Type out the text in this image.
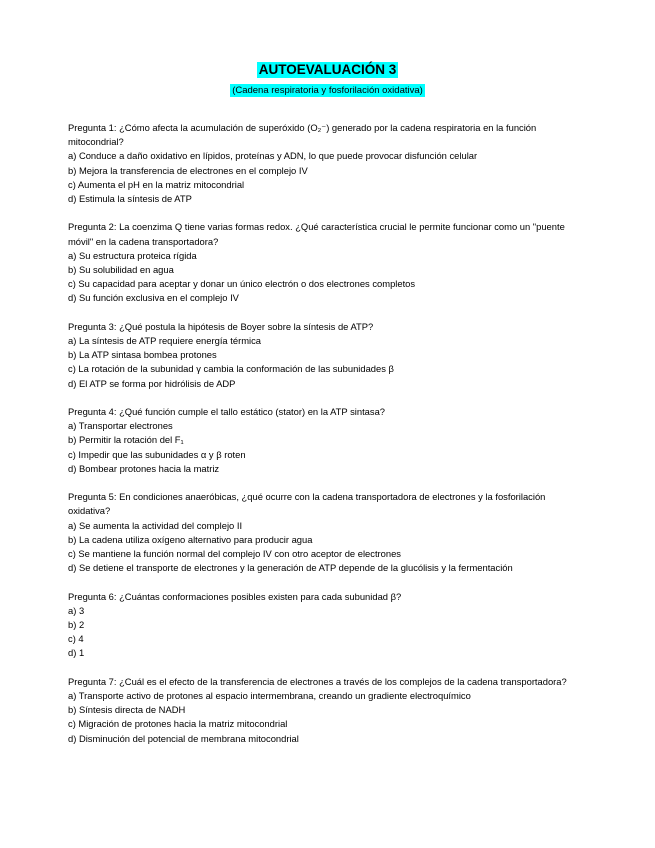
AUTOEVALUACIÓN 3
(Cadena respiratoria y fosforilación oxidativa)

Pregunta 1: ¿Cómo afecta la acumulación de superóxido (O₂⁻) generado por la cadena respiratoria en la función mitocondrial?

a) Conduce a daño oxidativo en lípidos, proteínas y ADN, lo que puede provocar disfunción celular

b) Mejora la transferencia de electrones en el complejo IV

c) Aumenta el pH en la matriz mitocondrial

d) Estimula la síntesis de ATP

Pregunta 2: La coenzima Q tiene varias formas redox. ¿Qué característica crucial le permite funcionar como un "puente móvil" en la cadena transportadora?

a) Su estructura proteica rígida

b) Su solubilidad en agua

c) Su capacidad para aceptar y donar un único electrón o dos electrones completos

d) Su función exclusiva en el complejo IV

Pregunta 3: ¿Qué postula la hipótesis de Boyer sobre la síntesis de ATP?

a) La síntesis de ATP requiere energía térmica

b) La ATP sintasa bombea protones

c) La rotación de la subunidad γ cambia la conformación de las subunidades β

d) El ATP se forma por hidrólisis de ADP

Pregunta 4: ¿Qué función cumple el tallo estático (stator) en la ATP sintasa?

a) Transportar electrones

b) Permitir la rotación del F₁

c) Impedir que las subunidades α y β roten

d) Bombear protones hacia la matriz

Pregunta 5: En condiciones anaeróbicas, ¿qué ocurre con la cadena transportadora de electrones y la fosforilación oxidativa?

a) Se aumenta la actividad del complejo II

b) La cadena utiliza oxígeno alternativo para producir agua

c) Se mantiene la función normal del complejo IV con otro aceptor de electrones

d) Se detiene el transporte de electrones y la generación de ATP depende de la glucólisis y la fermentación

Pregunta 6: ¿Cuántas conformaciones posibles existen para cada subunidad β?

a) 3

b) 2

c) 4

d) 1

Pregunta 7: ¿Cuál es el efecto de la transferencia de electrones a través de los complejos de la cadena transportadora?

a) Transporte activo de protones al espacio intermembrana, creando un gradiente electroquímico

b) Síntesis directa de NADH

c) Migración de protones hacia la matriz mitocondrial

d) Disminución del potencial de membrana mitocondrial
